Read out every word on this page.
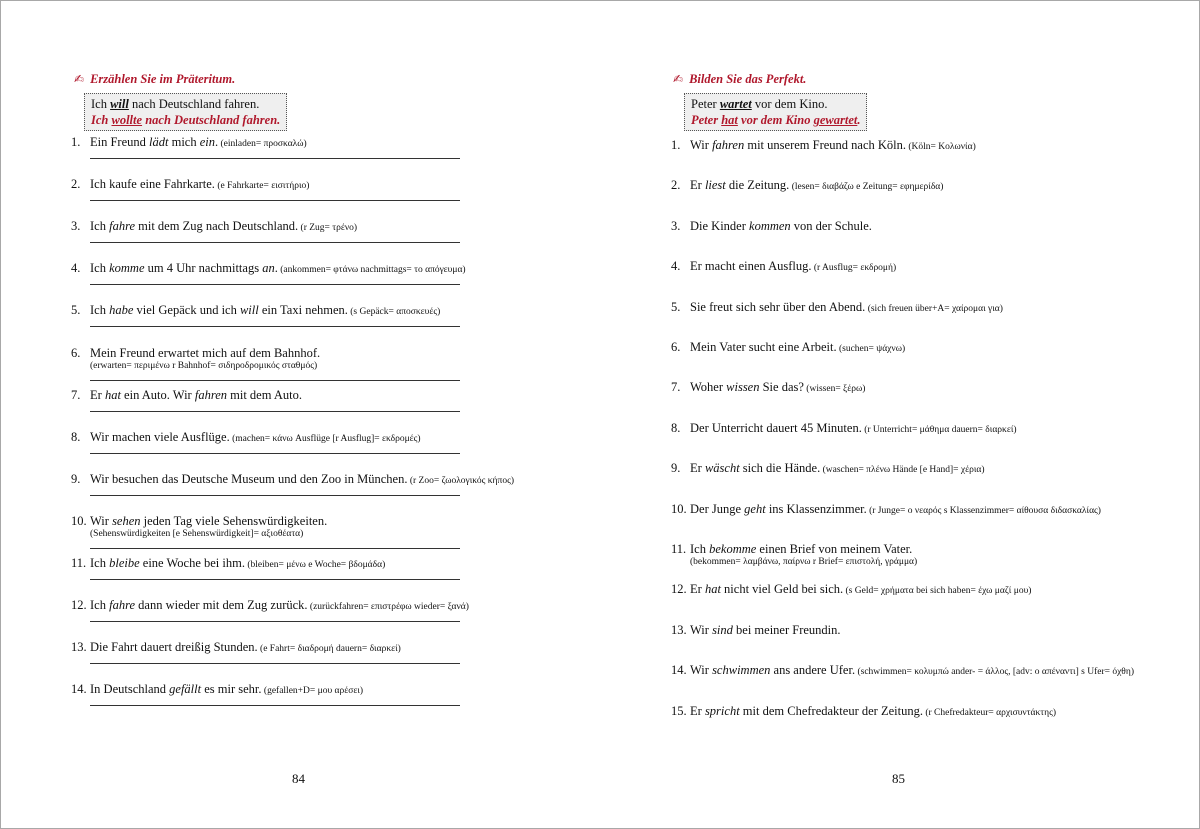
✍ Erzählen Sie im Präteritum.
Ich will nach Deutschland fahren.
Ich wollte nach Deutschland fahren.
1. Ein Freund lädt mich ein. (einladen= προσκαλώ)
2. Ich kaufe eine Fahrkarte. (e Fahrkarte= εισιτήριο)
3. Ich fahre mit dem Zug nach Deutschland. (r Zug= τρένο)
4. Ich komme um 4 Uhr nachmittags an. (ankommen= φτάνω nachmittags= το απόγευμα)
5. Ich habe viel Gepäck und ich will ein Taxi nehmen. (s Gepäck= αποσκευές)
6. Mein Freund erwartet mich auf dem Bahnhof.
(erwarten= περιμένω r Bahnhof= σιδηροδρομικός σταθμός)
7. Er hat ein Auto. Wir fahren mit dem Auto.
8. Wir machen viele Ausflüge. (machen= κάνω Ausflüge [r Ausflug]= εκδρομές)
9. Wir besuchen das Deutsche Museum und den Zoo in München. (r Zoo= ζωολογικός κήπος)
10. Wir sehen jeden Tag viele Sehenswürdigkeiten.
(Sehenswürdigkeiten [e Sehenswürdigkeit]= αξιοθέατα)
11. Ich bleibe eine Woche bei ihm. (bleiben= μένω e Woche= βδομάδα)
12. Ich fahre dann wieder mit dem Zug zurück. (zurückfahren= επιστρέφω wieder= ξανά)
13. Die Fahrt dauert dreißig Stunden. (e Fahrt= διαδρομή dauern= διαρκεί)
14. In Deutschland gefällt es mir sehr. (gefallen+D= μου αρέσει)
84
✍ Bilden Sie das Perfekt.
Peter wartet vor dem Kino.
Peter hat vor dem Kino gewartet.
1. Wir fahren mit unserem Freund nach Köln. (Köln= Κολωνία)
2. Er liest die Zeitung. (lesen= διαβάζω e Zeitung= εφημερίδα)
3. Die Kinder kommen von der Schule.
4. Er macht einen Ausflug. (r Ausflug= εκδρομή)
5. Sie freut sich sehr über den Abend. (sich freuen über+A= χαίρομαι για)
6. Mein Vater sucht eine Arbeit. (suchen= ψάχνω)
7. Woher wissen Sie das? (wissen= ξέρω)
8. Der Unterricht dauert 45 Minuten. (r Unterricht= μάθημα dauern= διαρκεί)
9. Er wäscht sich die Hände. (waschen= πλένω Hände [e Hand]= χέρια)
10. Der Junge geht ins Klassenzimmer. (r Junge= ο νεαρός s Klassenzimmer= αίθουσα διδασκαλίας)
11. Ich bekomme einen Brief von meinem Vater.
(bekommen= λαμβάνω, παίρνω r Brief= επιστολή, γράμμα)
12. Er hat nicht viel Geld bei sich. (s Geld= χρήματα bei sich haben= έχω μαζί μου)
13. Wir sind bei meiner Freundin.
14. Wir schwimmen ans andere Ufer. (schwimmen= κολυμπώ ander- = άλλος, [adv: ο απέναντι] s Ufer= όχθη)
15. Er spricht mit dem Chefredakteur der Zeitung. (r Chefredakteur= αρχισυντάκτης)
85
